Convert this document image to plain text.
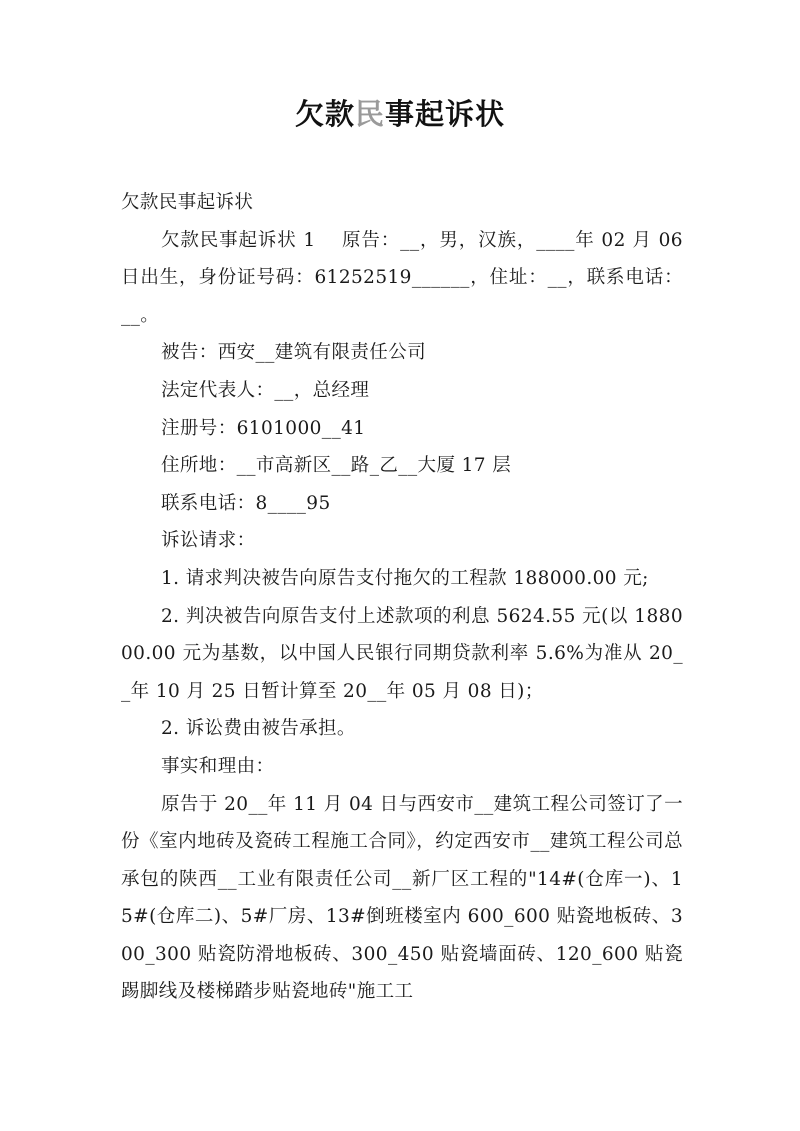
欠款民事起诉状

欠款民事起诉状

欠款民事起诉状 1 原告：__，男，汉族，____年 02 月 06 日出生，身份证号码：61252519______，住址：__，联系电话：__。

被告：西安__建筑有限责任公司

法定代表人：__，总经理

注册号：6101000__41

住所地：__市高新区__路_乙__大厦 17 层

联系电话：8____95

诉讼请求：

1. 请求判决被告向原告支付拖欠的工程款 188000.00 元;

2. 判决被告向原告支付上述款项的利息 5624.55 元(以 188000.00 元为基数，以中国人民银行同期贷款利率 5.6%为准从 20__年 10 月 25 日暂计算至 20__年 05 月 08 日)；

2. 诉讼费由被告承担。

事实和理由：

原告于 20__年 11 月 04 日与西安市__建筑工程公司签订了一份《室内地砖及瓷砖工程施工合同》，约定西安市__建筑工程公司总承包的陕西__工业有限责任公司__新厂区工程的"14#(仓库一)、15#(仓库二)、5#厂房、13#倒班楼室内 600_600 贴瓷地板砖、300_300 贴瓷防滑地板砖、300_450 贴瓷墙面砖、120_600 贴瓷踢脚线及楼梯踏步贴瓷地砖"施工工
